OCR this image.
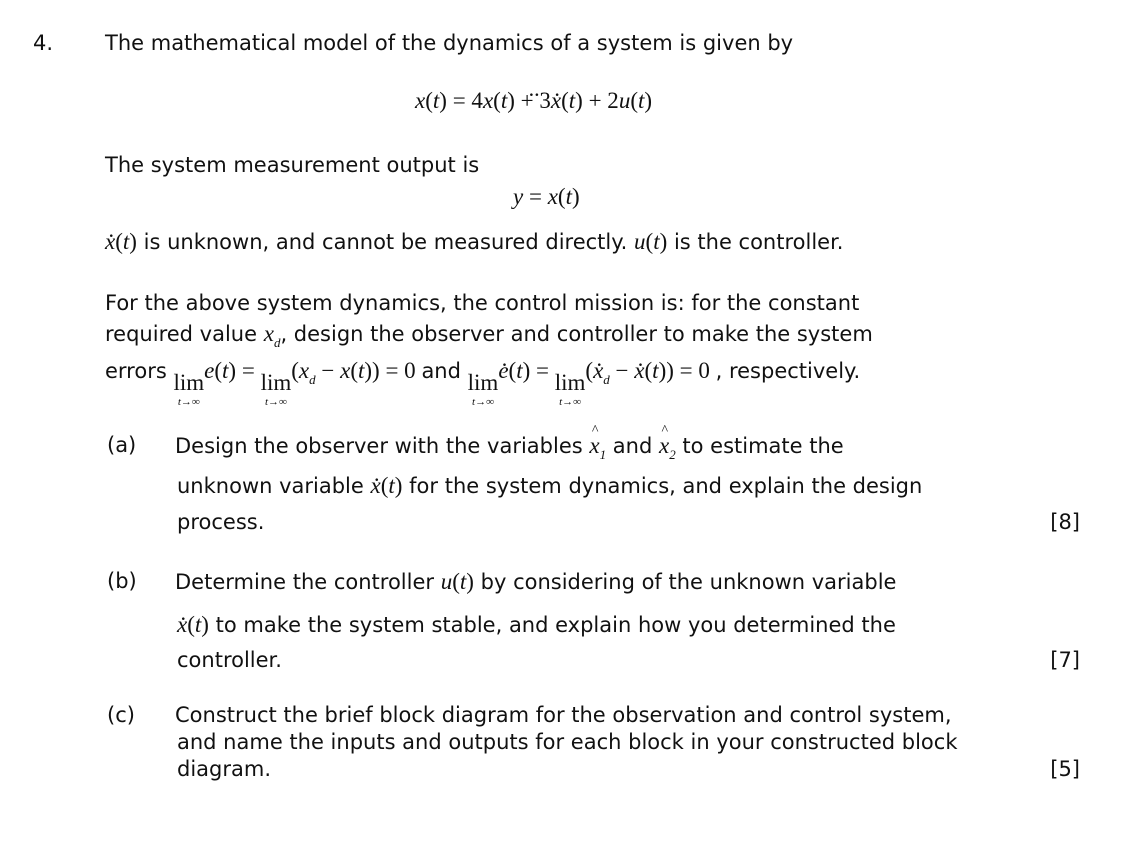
4. The mathematical model of the dynamics of a system is given by
x ..(t) = 4x(t) + 3x .(t) + 2u(t)
The system measurement output is
y = x(t)
x .(t) is unknown, and cannot be measured directly. u(t) is the controller.
For the above system dynamics, the control mission is: for the constant
required value $x_d$, design the observer and controller to make the system
errors lim
t→∞
e(t) = lim
t→∞
$(x_d - x(t)) = 0$ and lim
t→∞
e .(t) = lim
t→∞
(x $._d - x$ .(t)) = 0 , respectively.
(a) Design the observer with the variables x $\^{}_1$ and x $\^{}_2$ to estimate the
unknown variable x .(t) for the system dynamics, and explain the design
process.	[8]
(b) Determine the controller u(t) by considering of the unknown variable
x .(t) to make the system stable, and explain how you determined the
controller.	[7]
(c) Construct the brief block diagram for the observation and control system,
and name the inputs and outputs for each block in your constructed block
diagram.	[5]
